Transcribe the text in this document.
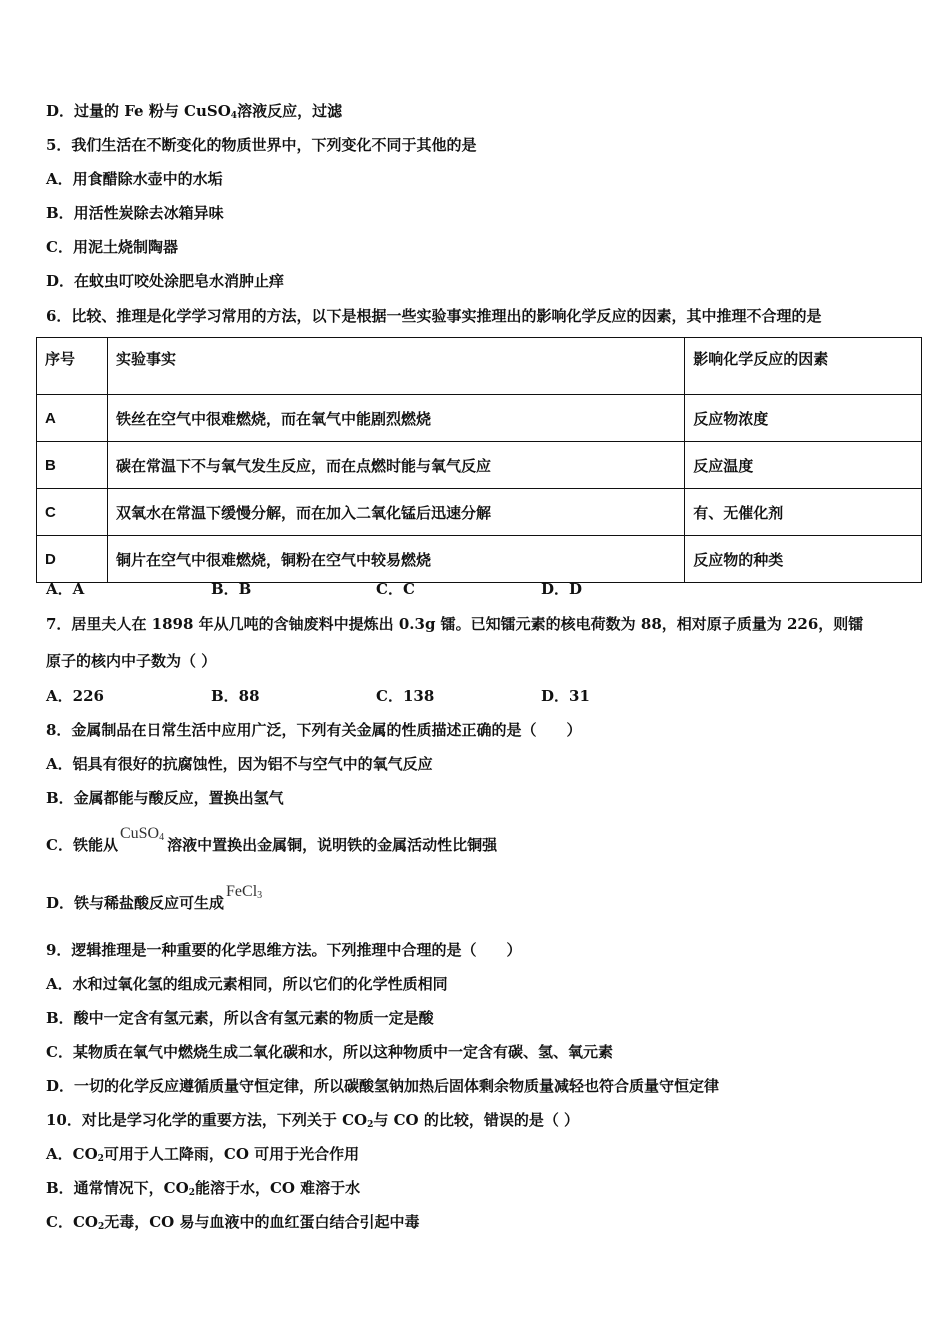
D．过量的 Fe 粉与 CuSO$_4$溶液反应，过滤
5．我们生活在不断变化的物质世界中，下列变化不同于其他的是
A．用食醋除水壶中的水垢
B．用活性炭除去冰箱异味
C．用泥土烧制陶器
D．在蚊虫叮咬处涂肥皂水消肿止痒
6．比较、推理是化学学习常用的方法，以下是根据一些实验事实推理出的影响化学反应的因素，其中推理不合理的是
序号	实验事实	影响化学反应的因素
A	铁丝在空气中很难燃烧，而在氧气中能剧烈燃烧	反应物浓度
B	碳在常温下不与氧气发生反应，而在点燃时能与氧气反应	反应温度
C	双氧水在常温下缓慢分解，而在加入二氧化锰后迅速分解	有、无催化剂
D	铜片在空气中很难燃烧，铜粉在空气中较易燃烧	反应物的种类
A．A	B．B	C．C	D．D
7．居里夫人在 1898 年从几吨的含铀废料中提炼出 0.3g 镭。已知镭元素的核电荷数为 88，相对原子质量为 226，则镭
原子的核内中子数为（ ）
A．226	B．88	C．138	D．31
8．金属制品在日常生活中应用广泛，下列有关金属的性质描述正确的是（　　）
A．铝具有很好的抗腐蚀性，因为铝不与空气中的氧气反应
B．金属都能与酸反应，置换出氢气
C．铁能从CuSO$_4$ 溶液中置换出金属铜，说明铁的金属活动性比铜强
D．铁与稀盐酸反应可生成FeCl$_3$
9．逻辑推理是一种重要的化学思维方法。下列推理中合理的是（　　）
A．水和过氧化氢的组成元素相同，所以它们的化学性质相同
B．酸中一定含有氢元素，所以含有氢元素的物质一定是酸
C．某物质在氧气中燃烧生成二氧化碳和水，所以这种物质中一定含有碳、氢、氧元素
D．一切的化学反应遵循质量守恒定律，所以碳酸氢钠加热后固体剩余物质量减轻也符合质量守恒定律
10．对比是学习化学的重要方法，下列关于 $CO_2$与 CO 的比较，错误的是（ ）
A．$CO_2$可用于人工降雨，CO 可用于光合作用
B．通常情况下，$CO_2$能溶于水，CO 难溶于水
C．$CO_2$无毒，CO 易与血液中的血红蛋白结合引起中毒
